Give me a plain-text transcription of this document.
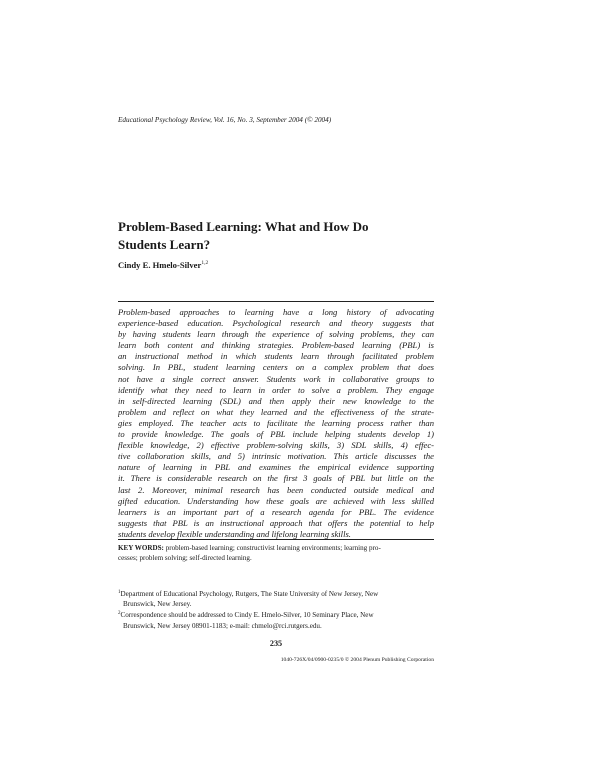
Educational Psychology Review, Vol. 16, No. 3, September 2004 (© 2004)
Problem-Based Learning: What and How Do
Students Learn?
Cindy E. Hmelo-Silver$^{1,2}$
Problem-based approaches to learning have a long history of advocating
experience-based education. Psychological research and theory suggests that
by having students learn through the experience of solving problems, they can
learn both content and thinking strategies. Problem-based learning (PBL) is
an instructional method in which students learn through facilitated problem
solving. In PBL, student learning centers on a complex problem that does
not have a single correct answer. Students work in collaborative groups to
identify what they need to learn in order to solve a problem. They engage
in self-directed learning (SDL) and then apply their new knowledge to the
problem and reflect on what they learned and the effectiveness of the strate-
gies employed. The teacher acts to facilitate the learning process rather than
to provide knowledge. The goals of PBL include helping students develop 1)
flexible knowledge, 2) effective problem-solving skills, 3) SDL skills, 4) effec-
tive collaboration skills, and 5) intrinsic motivation. This article discusses the
nature of learning in PBL and examines the empirical evidence supporting
it. There is considerable research on the first 3 goals of PBL but little on the
last 2. Moreover, minimal research has been conducted outside medical and
gifted education. Understanding how these goals are achieved with less skilled
learners is an important part of a research agenda for PBL. The evidence
suggests that PBL is an instructional approach that offers the potential to help
students develop flexible understanding and lifelong learning skills.
KEY WORDS: problem-based learning; constructivist learning environments; learning pro-
cesses; problem solving; self-directed learning.
$^1$Department of Educational Psychology, Rutgers, The State University of New Jersey, New
Brunswick, New Jersey.
$^2$Correspondence should be addressed to Cindy E. Hmelo-Silver, 10 Seminary Place, New
Brunswick, New Jersey 08901-1183; e-mail: chmelo@rci.rutgers.edu.
235
1040-726X/04/0900-0235/0 © 2004 Plenum Publishing Corporation
